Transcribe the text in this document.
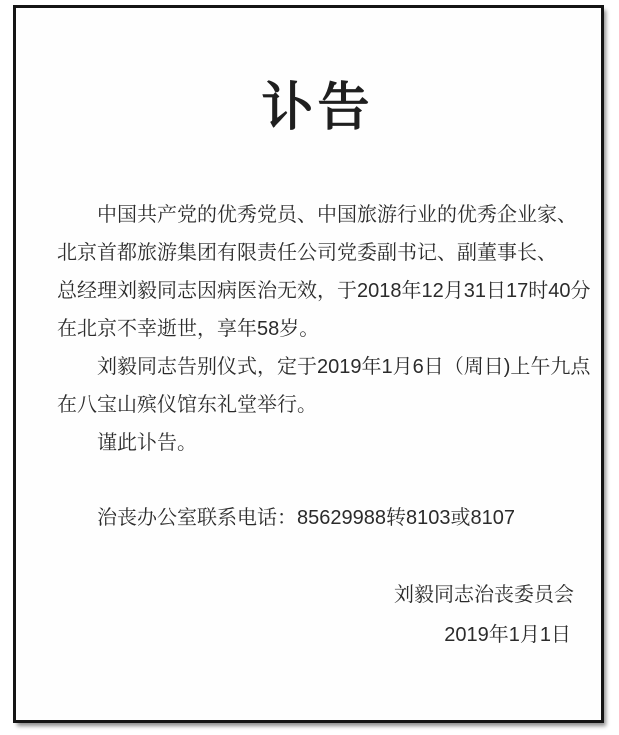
讣告
中国共产党的优秀党员、中国旅游行业的优秀企业家、
北京首都旅游集团有限责任公司党委副书记、副董事长、
总经理刘毅同志因病医治无效，于2018年12月31日17时40分
在北京不幸逝世，享年58岁。
刘毅同志告别仪式，定于2019年1月6日（周日)上午九点
在八宝山殡仪馆东礼堂举行。
谨此讣告。
治丧办公室联系电话：85629988转8103或8107
刘毅同志治丧委员会
2019年1月1日
